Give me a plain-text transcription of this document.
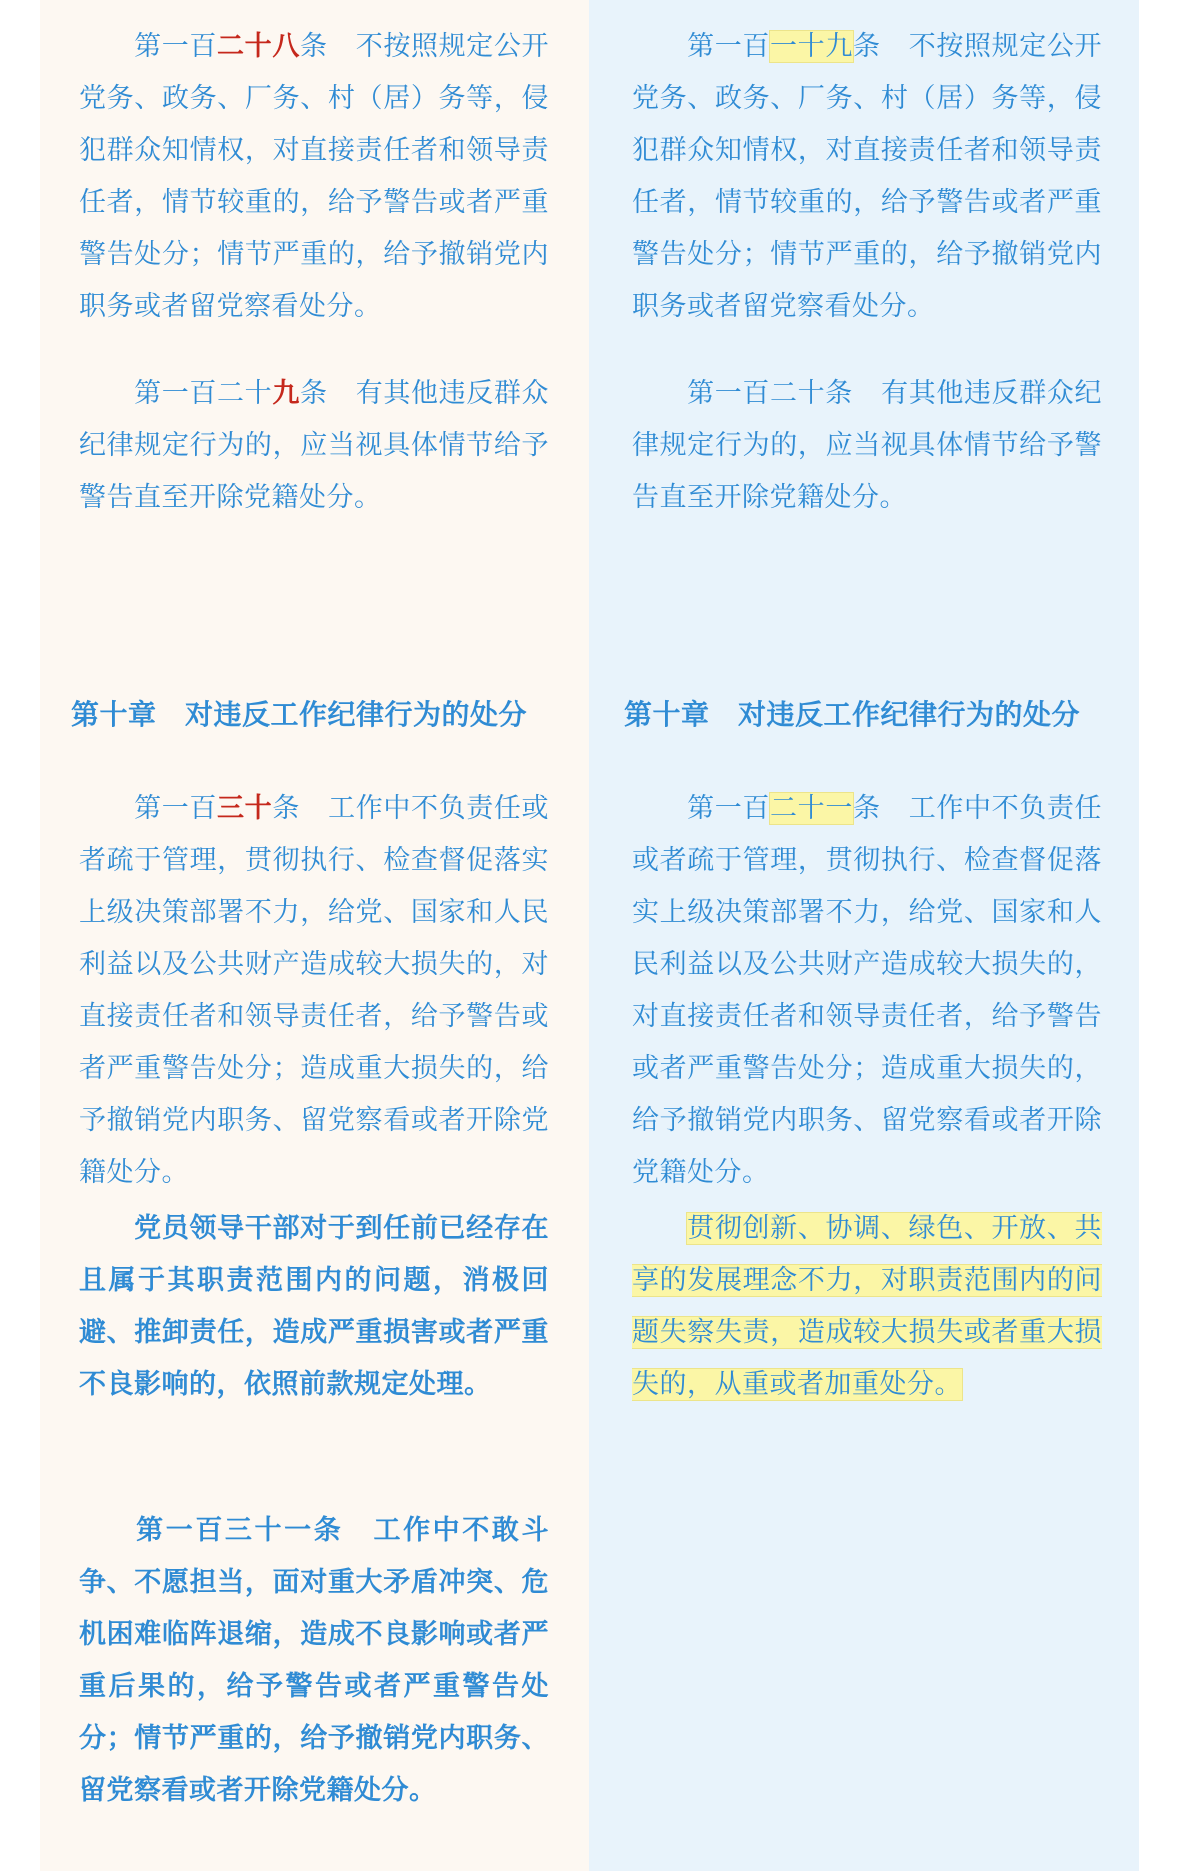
第一百二十八条 不按照规定公开党务、政务、厂务、村（居）务等，侵犯群众知情权，对直接责任者和领导责任者，情节较重的，给予警告或者严重警告处分；情节严重的，给予撤销党内职务或者留党察看处分。

第一百二十九条 有其他违反群众纪律规定行为的，应当视具体情节给予警告直至开除党籍处分。

第十章　对违反工作纪律行为的处分

第一百三十条 工作中不负责任或者疏于管理，贯彻执行、检查督促落实上级决策部署不力，给党、国家和人民利益以及公共财产造成较大损失的，对直接责任者和领导责任者，给予警告或者严重警告处分；造成重大损失的，给予撤销党内职务、留党察看或者开除党籍处分。

党员领导干部对于到任前已经存在且属于其职责范围内的问题，消极回避、推卸责任，造成严重损害或者严重不良影响的，依照前款规定处理。

第一百三十一条 工作中不敢斗争、不愿担当，面对重大矛盾冲突、危机困难临阵退缩，造成不良影响或者严重后果的，给予警告或者严重警告处分；情节严重的，给予撤销党内职务、留党察看或者开除党籍处分。

第一百一十九条 不按照规定公开党务、政务、厂务、村（居）务等，侵犯群众知情权，对直接责任者和领导责任者，情节较重的，给予警告或者严重警告处分；情节严重的，给予撤销党内职务或者留党察看处分。

第一百二十条 有其他违反群众纪律规定行为的，应当视具体情节给予警告直至开除党籍处分。

第十章　对违反工作纪律行为的处分

第一百二十一条 工作中不负责任或者疏于管理，贯彻执行、检查督促落实上级决策部署不力，给党、国家和人民利益以及公共财产造成较大损失的，对直接责任者和领导责任者，给予警告或者严重警告处分；造成重大损失的，给予撤销党内职务、留党察看或者开除党籍处分。

贯彻创新、协调、绿色、开放、共享的发展理念不力，对职责范围内的问题失察失责，造成较大损失或者重大损失的，从重或者加重处分。
